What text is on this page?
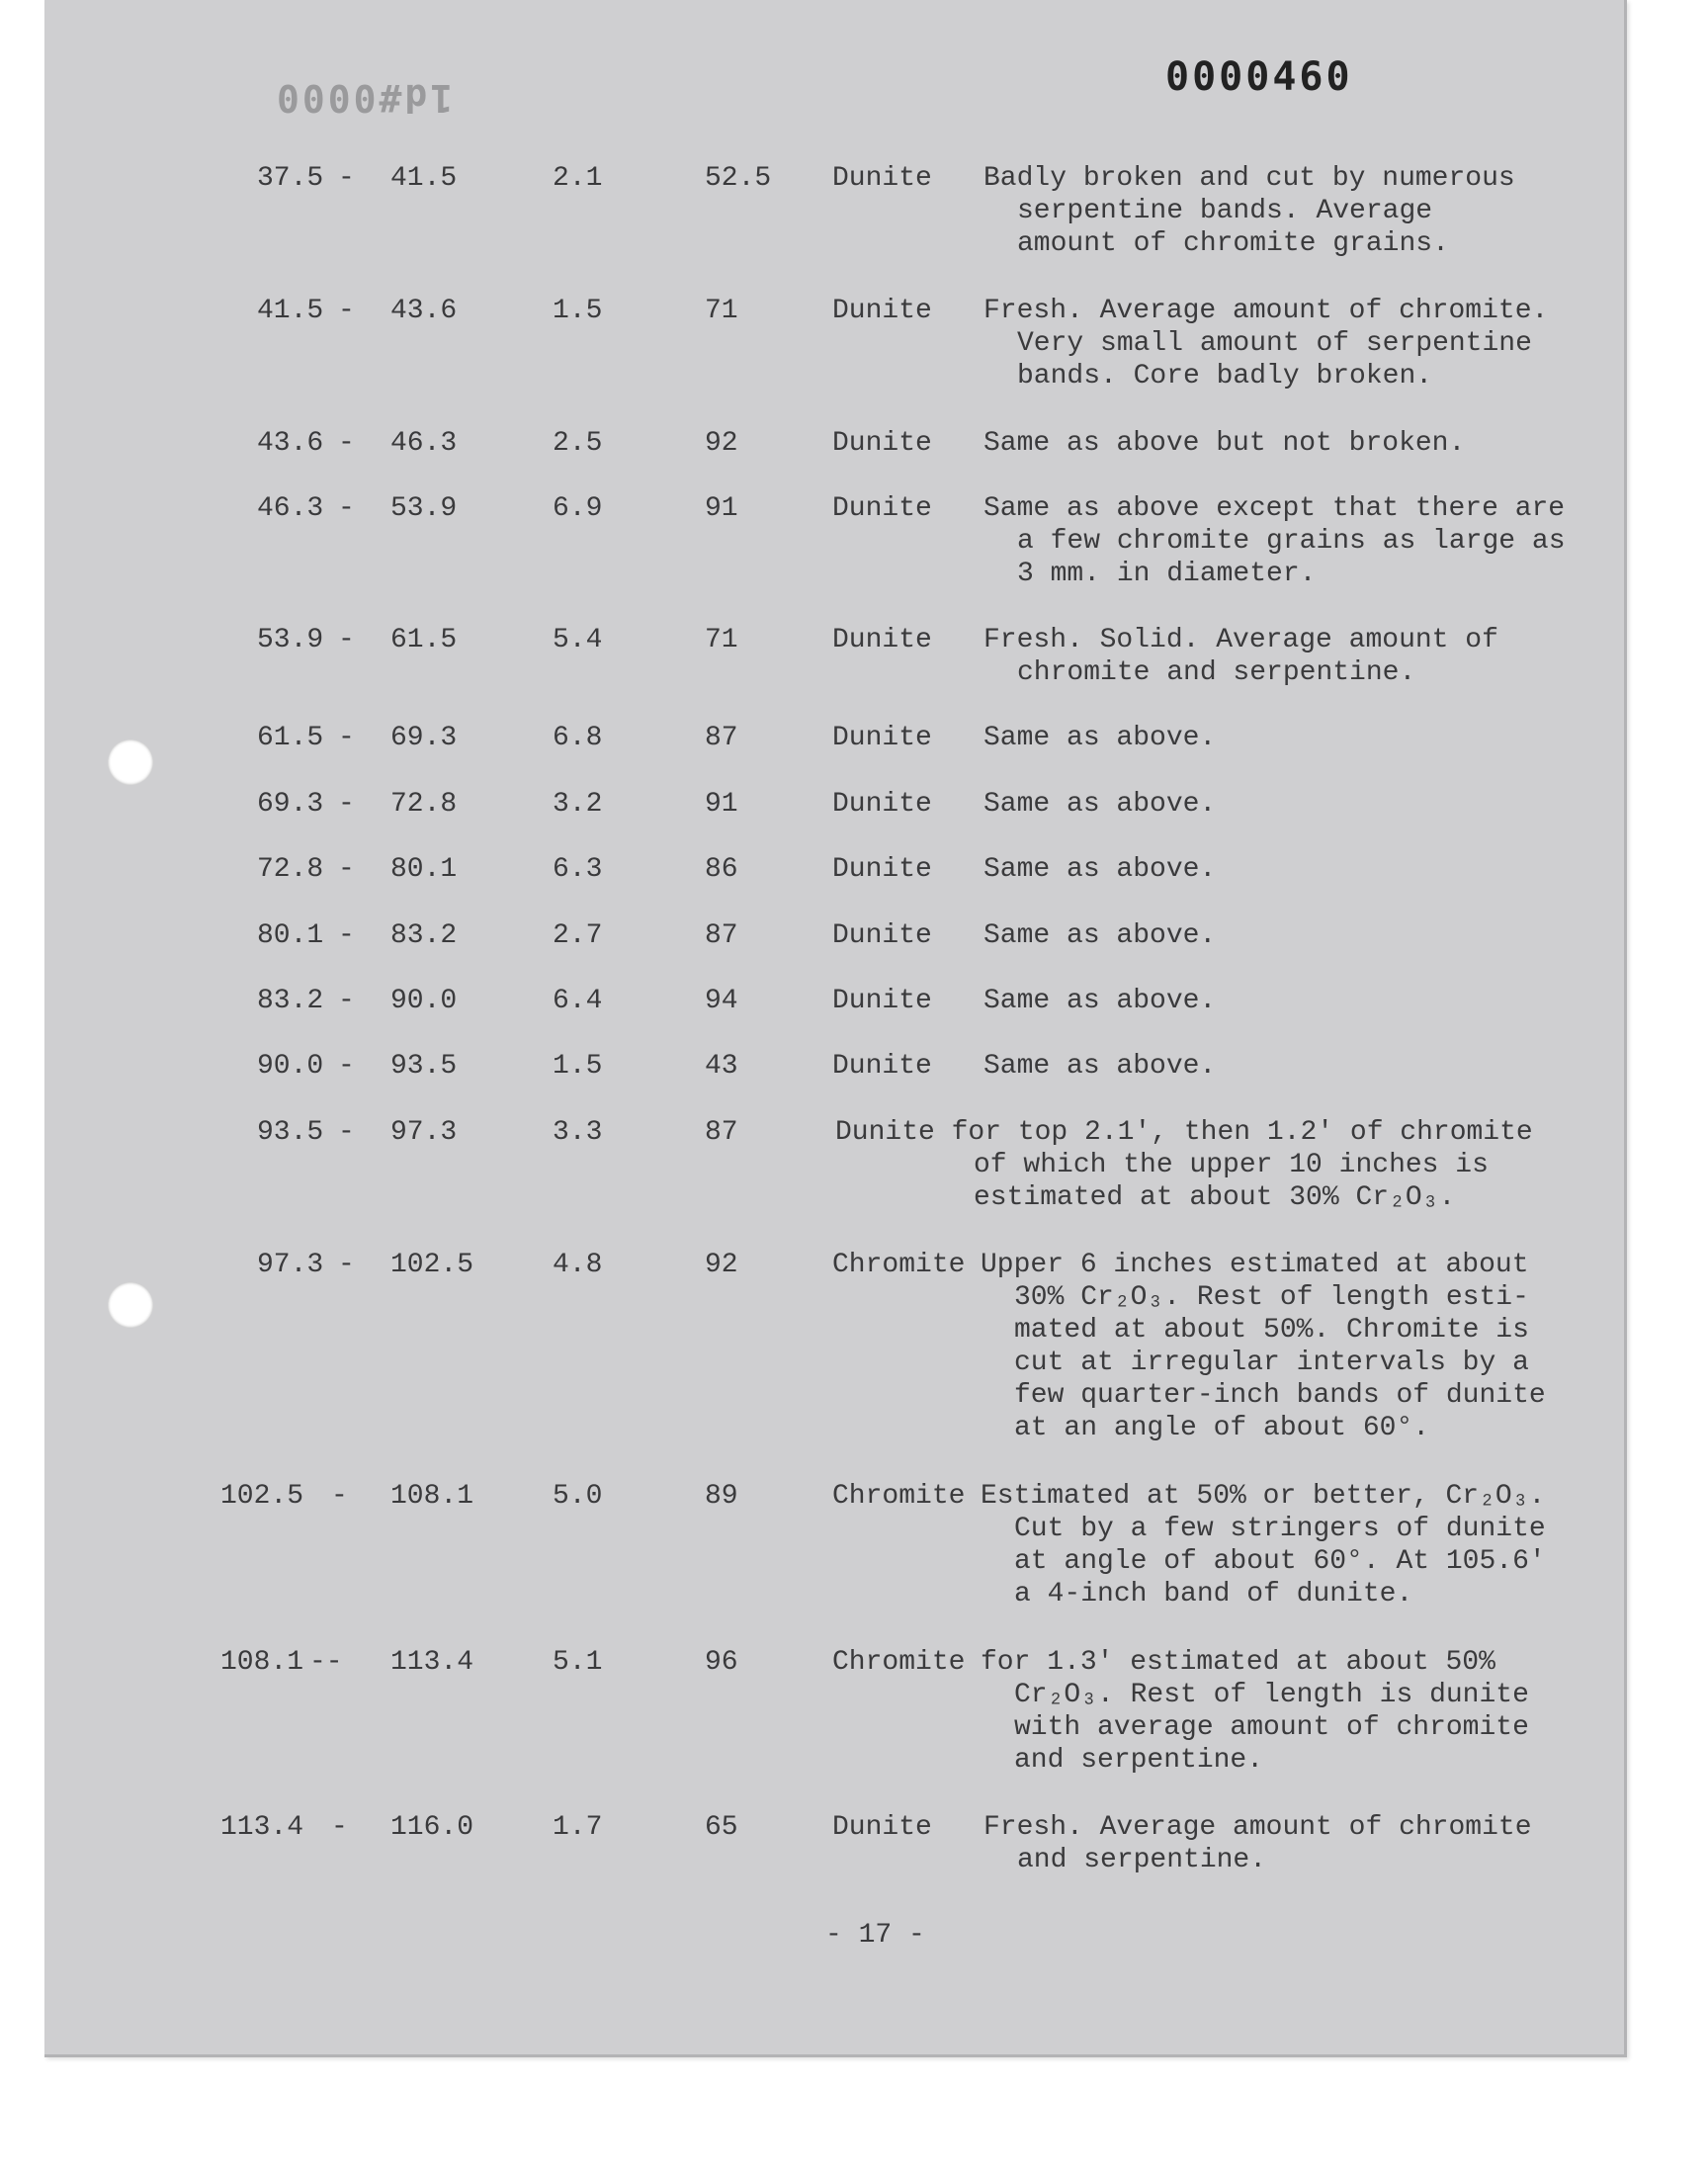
1d#0000	0000460
37.5 - 41.5	2.1	52.5 Dunite Badly broken and cut by numerous
serpentine bands. Average
amount of chromite grains.
41.5 - 43.6	1.5	71	Dunite Fresh. Average amount of chromite.
Very small amount of serpentine
bands. Core badly broken.
43.6 - 46.3	2.5	92	Dunite Same as above but not broken.
46.3 - 53.9	6.9	91	Dunite Same as above except that there are
a few chromite grains as large as
3 mm. in diameter.
53.9 - 61.5	5.4	71	Dunite Fresh. Solid. Average amount of
chromite and serpentine.
61.5 - 69.3	6.8	87	Dunite Same as above.
69.3 - 72.8	3.2	91	Dunite Same as above.
72.8 - 80.1	6.3	86	Dunite Same as above.
80.1 - 83.2	2.7	87	Dunite Same as above.
83.2 - 90.0	6.4	94	Dunite Same as above.
90.0 - 93.5	1.5	43	Dunite Same as above.
93.5 - 97.3	3.3	87	Dunite for top 2.1', then 1.2' of chromite
of which the upper 10 inches is
estimated at about 30% Cr₂O₃.
97.3 - 102.5	4.8	92	Chromite Upper 6 inches estimated at about
30% Cr₂O₃. Rest of length esti-
mated at about 50%. Chromite is
cut at irregular intervals by a
few quarter-inch bands of dunite
at an angle of about 60°.
102.5 - 108.1	5.0	89	Chromite Estimated at 50% or better, Cr₂O₃.
Cut by a few stringers of dunite
at angle of about 60°. At 105.6'
a 4-inch band of dunite.
108.1 -- 113.4	5.1	96	Chromite for 1.3' estimated at about 50%
Cr₂O₃. Rest of length is dunite
with average amount of chromite
and serpentine.
113.4 - 116.0	1.7	65	Dunite Fresh. Average amount of chromite
and serpentine.
- 17 -
